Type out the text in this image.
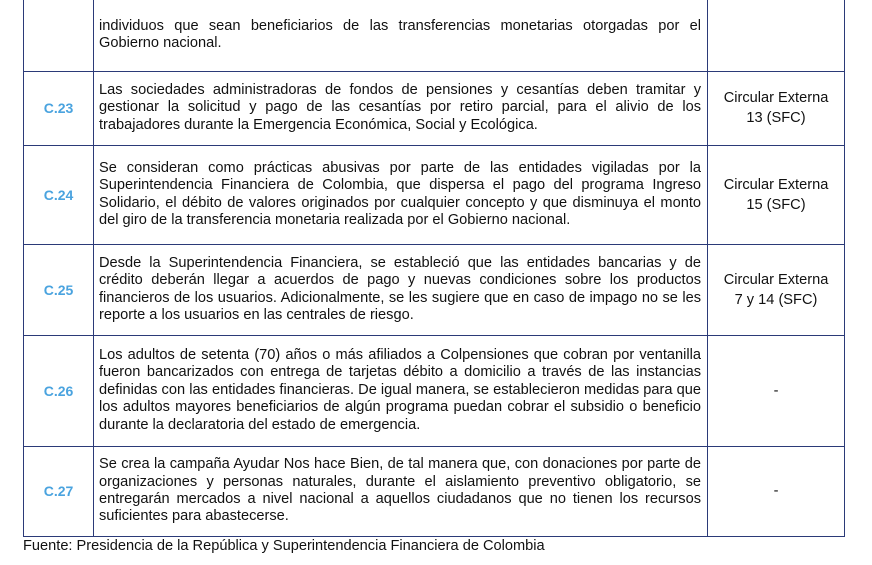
	individuos que sean beneficiarios de las transferencias monetarias otorgadas por el Gobierno nacional.	

C.23	Las sociedades administradoras de fondos de pensiones y cesantías deben tramitar y gestionar la solicitud y pago de las cesantías por retiro parcial, para el alivio de los trabajadores durante la Emergencia Económica, Social y Ecológica.	Circular Externa
13 (SFC)

C.24	Se consideran como prácticas abusivas por parte de las entidades vigiladas por la Superintendencia Financiera de Colombia, que dispersa el pago del programa Ingreso Solidario, el débito de valores originados por cualquier concepto y que disminuya el monto del giro de la transferencia monetaria realizada por el Gobierno nacional.	Circular Externa
15 (SFC)

C.25	Desde la Superintendencia Financiera, se estableció que las entidades bancarias y de crédito deberán llegar a acuerdos de pago y nuevas condiciones sobre los productos financieros de los usuarios. Adicionalmente, se les sugiere que en caso de impago no se les reporte a los usuarios en las centrales de riesgo.	Circular Externa
7 y 14 (SFC)

C.26	Los adultos de setenta (70) años o más afiliados a Colpensiones que cobran por ventanilla fueron bancarizados con entrega de tarjetas débito a domicilio a través de las instancias definidas con las entidades financieras. De igual manera, se establecieron medidas para que los adultos mayores beneficiarios de algún programa puedan cobrar el subsidio o beneficio durante la declaratoria del estado de emergencia.	-

C.27	Se crea la campaña Ayudar Nos hace Bien, de tal manera que, con donaciones por parte de organizaciones y personas naturales, durante el aislamiento preventivo obligatorio, se entregarán mercados a nivel nacional a aquellos ciudadanos que no tienen los recursos suficientes para abastecerse.	-
Fuente: Presidencia de la República y Superintendencia Financiera de Colombia
